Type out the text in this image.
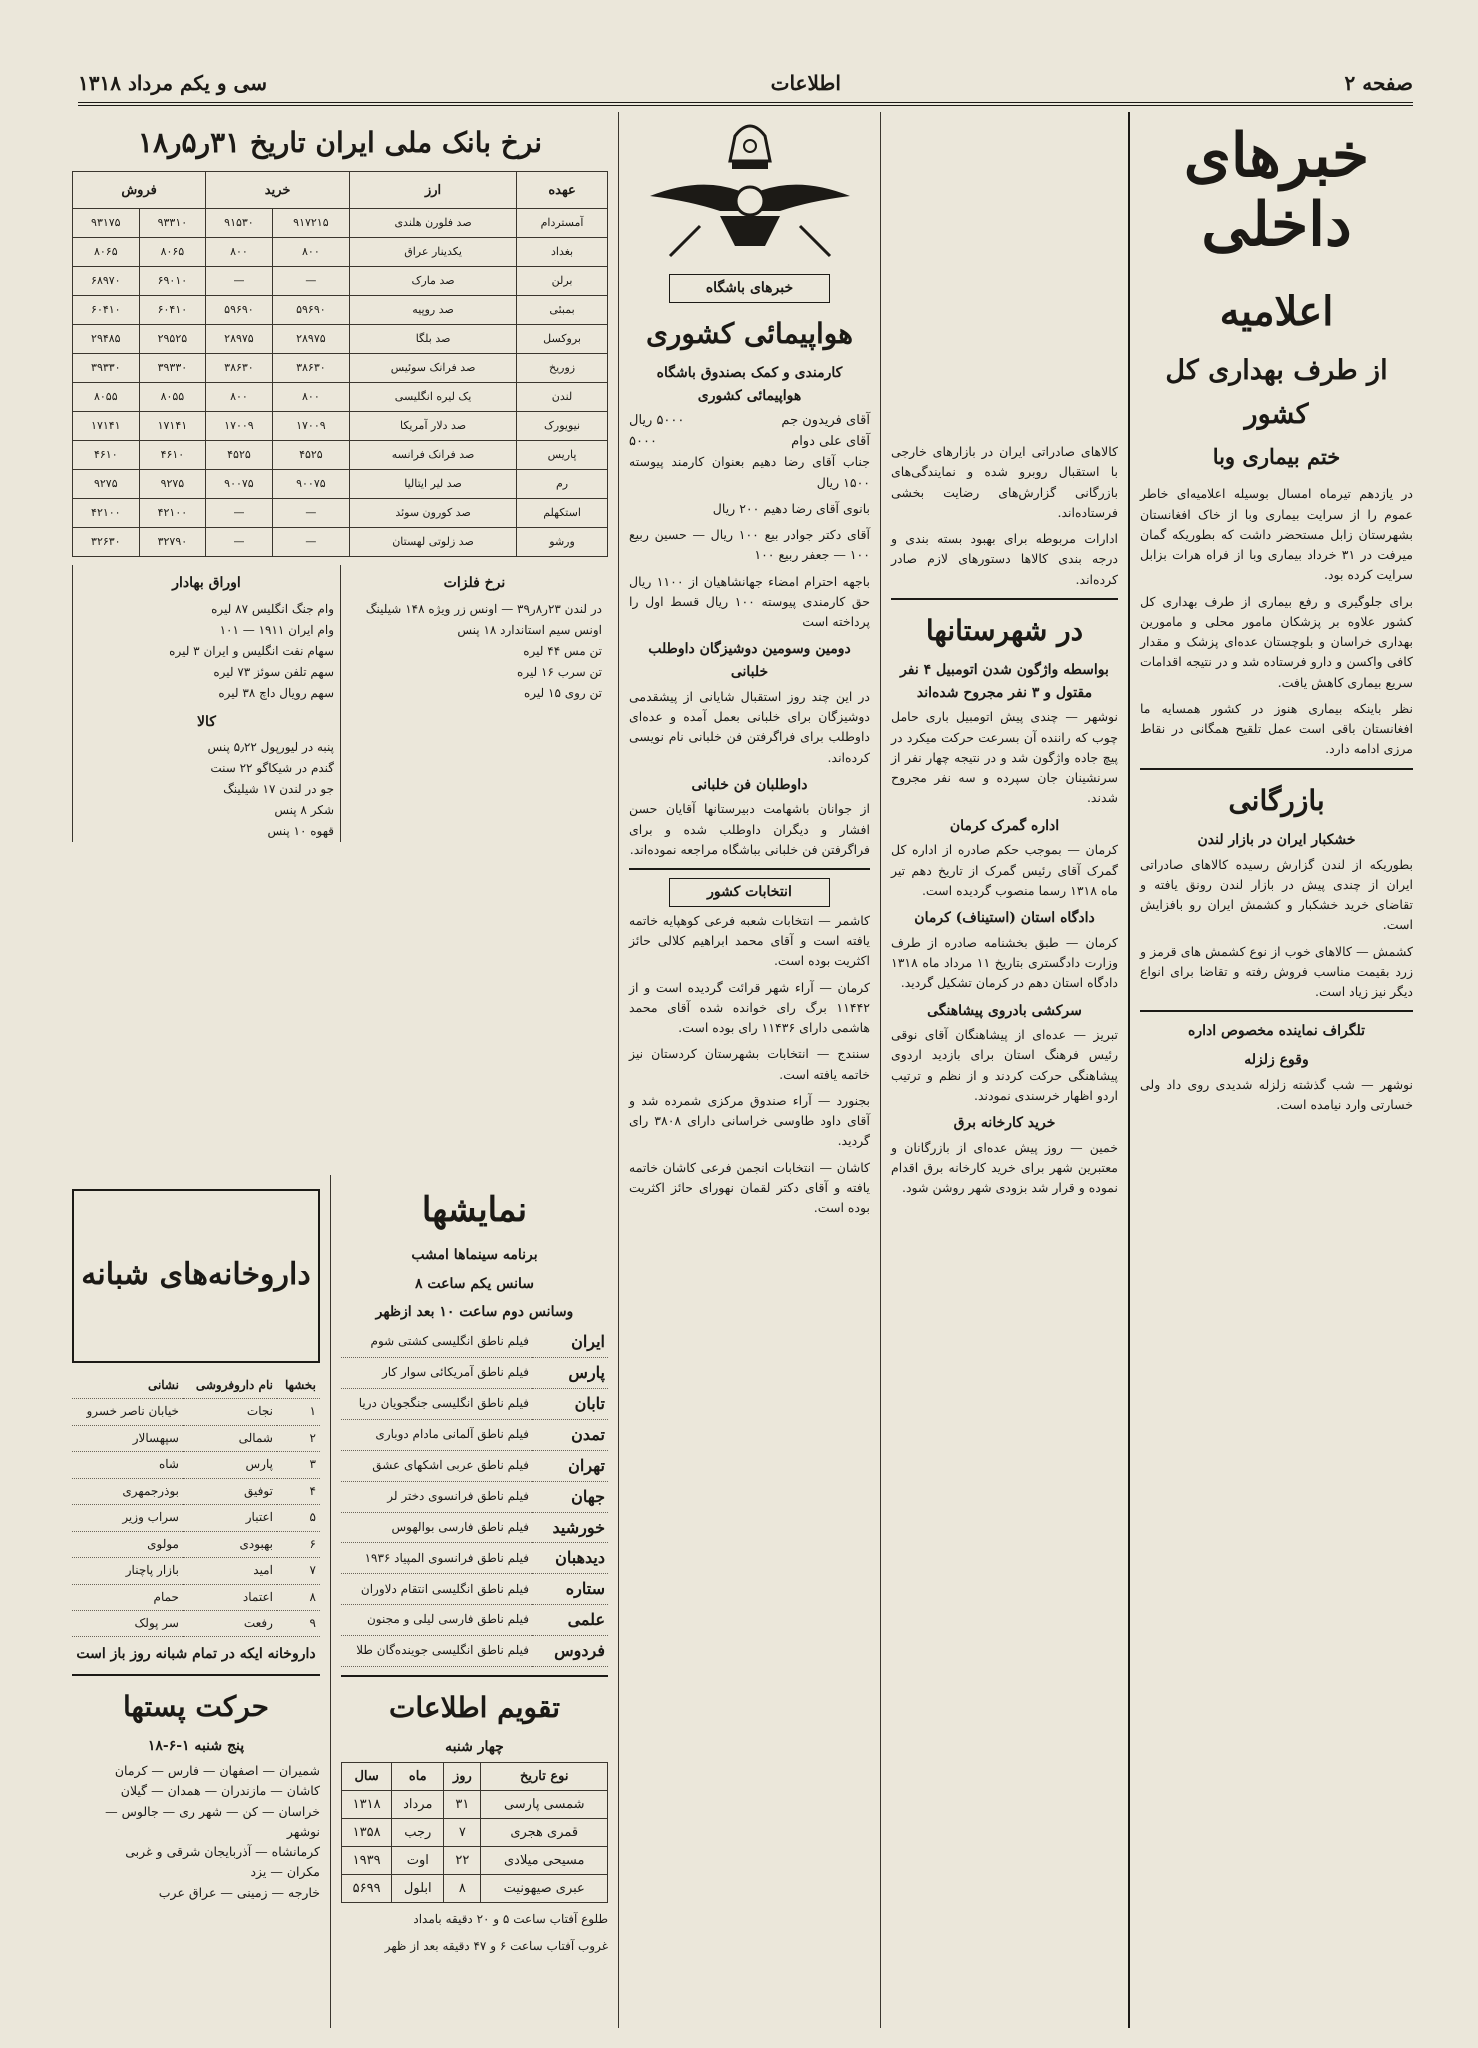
صفحه ۲
اطلاعات
سی و یکم مرداد ۱۳۱۸
خبرهای داخلی
اعلامیه
از طرف بهداری کل کشور
ختم بیماری وبا

در یازدهم تیرماه امسال بوسیله اعلامیه‌ای خاطر عموم را از سرایت بیماری وبا از خاک افغانستان بشهرستان زابل مستحضر داشت که بطوریکه گمان میرفت در ۳۱ خرداد بیماری وبا از فراه هرات بزابل سرایت کرده بود.

برای جلوگیری و رفع بیماری از طرف بهداری کل کشور علاوه بر پزشکان مامور محلی و مامورین بهداری خراسان و بلوچستان عده‌ای پزشک و مقدار کافی واکسن و دارو فرستاده شد و در نتیجه اقدامات سریع بیماری کاهش یافت.

نظر باینکه بیماری هنوز در کشور همسایه ما افغانستان باقی است عمل تلقیح همگانی در نقاط مرزی ادامه دارد.

بازرگانی
خشکبار ایران در بازار لندن

بطوریکه از لندن گزارش رسیده کالاهای صادراتی ایران از چندی پیش در بازار لندن رونق یافته و تقاضای خرید خشکبار و کشمش ایران رو بافزایش است.

کشمش — کالاهای خوب از نوع کشمش های قرمز و زرد بقیمت مناسب فروش رفته و تقاضا برای انواع دیگر نیز زیاد است.

تلگراف نماینده مخصوص اداره
وقوع زلزله

نوشهر — شب گذشته زلزله شدیدی روی داد ولی خسارتی وارد نیامده است.

کالاهای صادراتی ایران در بازارهای خارجی با استقبال روبرو شده و نمایندگی‌های بازرگانی گزارش‌های رضایت بخشی فرستاده‌اند.

ادارات مربوطه برای بهبود بسته بندی و درجه بندی کالاها دستورهای لازم صادر کرده‌اند.

در شهرستانها
بواسطه واژگون شدن اتومبیل ۴ نفر مقتول و ۳ نفر مجروح شده‌اند

نوشهر — چندی پیش اتومبیل باری حامل چوب که راننده آن بسرعت حرکت میکرد در پیچ جاده واژگون شد و در نتیجه چهار نفر از سرنشینان جان سپرده و سه نفر مجروح شدند.

اداره گمرک کرمان

کرمان — بموجب حکم صادره از اداره کل گمرک آقای رئیس گمرک از تاریخ دهم تیر ماه ۱۳۱۸ رسما منصوب گردیده است.

دادگاه استان (استیناف) کرمان

کرمان — طبق بخشنامه صادره از طرف وزارت دادگستری بتاریخ ۱۱ مرداد ماه ۱۳۱۸ دادگاه استان دهم در کرمان تشکیل گردید.

سرکشی بادروی پیشاهنگی

تبریز — عده‌ای از پیشاهنگان آقای نوقی رئیس فرهنگ استان برای بازدید اردوی پیشاهنگی حرکت کردند و از نظم و ترتیب اردو اظهار خرسندی نمودند.

خرید کارخانه برق

خمین — روز پیش عده‌ای از بازرگانان و معتبرین شهر برای خرید کارخانه برق اقدام نموده و قرار شد بزودی شهر روشن شود.

خبرهای باشگاه
هواپیمائی کشوری
کارمندی و کمک بصندوق باشگاه هواپیمائی کشوری
آقای فریدون جم
۵۰۰۰ ریال
آقای علی دوام
۵۰۰۰

جناب آقای رضا دهیم بعنوان کارمند پیوسته ۱۵۰۰ ریال

بانوی آقای رضا دهیم ۲۰۰ ریال

آقای دکتر جوادر بیع ۱۰۰ ریال — حسین ربیع ۱۰۰ — جعفر ربیع ۱۰۰

باجهه احترام امضاء جهانشاهیان از ۱۱۰۰ ریال حق کارمندی پیوسته ۱۰۰ ریال قسط اول را پرداخته است

دومین وسومین دوشیزگان داوطلب خلبانی

در این چند روز استقبال شایانی از پیشقدمی دوشیزگان برای خلبانی بعمل آمده و عده‌ای داوطلب برای فراگرفتن فن خلبانی نام نویسی کرده‌اند.

داوطلبان فن خلبانی

از جوانان باشهامت دبیرستانها آقایان حسن افشار و دیگران داوطلب شده و برای فراگرفتن فن خلبانی بباشگاه مراجعه نموده‌اند.

انتخابات کشور

کاشمر — انتخابات شعبه فرعی کوهپایه خاتمه یافته است و آقای محمد ابراهیم کلالی حائز اکثریت بوده است.

کرمان — آراء شهر قرائت گردیده است و از ۱۱۴۴۲ برگ رای خوانده شده آقای محمد هاشمی دارای ۱۱۴۳۶ رای بوده است.

سنندج — انتخابات بشهرستان کردستان نیز خاتمه یافته است.

بجنورد — آراء صندوق مرکزی شمرده شد و آقای داود طاوسی خراسانی دارای ۳۸۰۸ رای گردید.

کاشان — انتخابات انجمن فرعی کاشان خاتمه یافته و آقای دکتر لقمان نهورای حائز اکثریت بوده است.

نمایشها
برنامه سینماها امشب
سانس یکم ساعت ۸
وسانس دوم ساعت ۱۰ بعد ازظهر
ایران	فیلم ناطق انگلیسی کشتی شوم
پارس	فیلم ناطق آمریکائی سوار کار
تابان	فیلم ناطق انگلیسی جنگجویان دریا
تمدن	فیلم ناطق آلمانی مادام دوباری
تهران	فیلم ناطق عربی اشکهای عشق
جهان	فیلم ناطق فرانسوی دختر لر
خورشید	فیلم ناطق فارسی بوالهوس
دیدهبان	فیلم ناطق فرانسوی المپیاد ۱۹۳۶
ستاره	فیلم ناطق انگلیسی انتقام دلاوران
علمی	فیلم ناطق فارسی لیلی و مجنون
فردوس	فیلم ناطق انگلیسی جوینده‌گان طلا
تقویم اطلاعات
چهار شنبه
نوع تاریخ	روز	ماه	سال
شمسی پارسی	۳۱	مرداد	۱۳۱۸
قمری هجری	۷	رجب	۱۳۵۸
مسیحی میلادی	۲۲	اوت	۱۹۳۹
عبری صیهونیت	۸	ابلول	۵۶۹۹

طلوع آفتاب ساعت ۵ و ۲۰ دقیقه بامداد

غروب آفتاب ساعت ۶ و ۴۷ دقیقه بعد از ظهر

نرخ بانک ملی ایران تاریخ ۳۱ر۵ر۱۸
عهده	ارز	خرید		فروش	
آمستردام	صد فلورن هلندی	۹۱۷۲۱۵	۹۱۵۳۰	۹۳۳۱۰	۹۳۱۷۵
بغداد	یکدینار عراق	۸۰۰	۸۰۰	۸۰۶۵	۸۰۶۵
برلن	صد مارک	—	—	۶۹۰۱۰	۶۸۹۷۰
بمبئی	صد روپیه	۵۹۶۹۰	۵۹۶۹۰	۶۰۴۱۰	۶۰۴۱۰
بروکسل	صد بلگا	۲۸۹۷۵	۲۸۹۷۵	۲۹۵۲۵	۲۹۴۸۵
زوریخ	صد فرانک سوئیس	۳۸۶۳۰	۳۸۶۳۰	۳۹۳۳۰	۳۹۳۳۰
لندن	یک لیره انگلیسی	۸۰۰	۸۰۰	۸۰۵۵	۸۰۵۵
نیویورک	صد دلار آمریکا	۱۷۰۰۹	۱۷۰۰۹	۱۷۱۴۱	۱۷۱۴۱
پاریس	صد فرانک فرانسه	۴۵۲۵	۴۵۲۵	۴۶۱۰	۴۶۱۰
رم	صد لیر ایتالیا	۹۰۰۷۵	۹۰۰۷۵	۹۲۷۵	۹۲۷۵
استکهلم	صد کورون سوئد	—	—	۴۲۱۰۰	۴۲۱۰۰
ورشو	صد زلوتی لهستان	—	—	۳۲۷۹۰	۳۲۶۳۰
نرخ فلزات
در لندن ۲۳ر۸ر۳۹ — اونس زر ویژه ۱۴۸ شیلینگ
اونس سیم استاندارد ۱۸ پنس
تن مس ۴۴ لیره
تن سرب ۱۶ لیره
تن روی ۱۵ لیره
اوراق بهادار
وام جنگ انگلیس ۸۷ لیره
وام ایران ۱۹۱۱ — ۱۰۱
سهام نفت انگلیس و ایران ۳ لیره
سهم تلفن سوئز ۷۳ لیره
سهم رویال داچ ۳۸ لیره
کالا
پنبه در لیورپول ۵٫۲۲ پنس
گندم در شیکاگو ۲۲ سنت
جو در لندن ۱۷ شیلینگ
شکر ۸ پنس
قهوه ۱۰ پنس
داروخانه‌های شبانه
بخشها	نام داروفروشی	نشانی
۱	نجات	خیابان ناصر خسرو
۲	شمالی	سپهسالار
۳	پارس	شاه
۴	توفیق	بوذرجمهری
۵	اعتبار	سراب وزیر
۶	بهبودی	مولوی
۷	امید	بازار پاچنار
۸	اعتماد	حمام
۹	رفعت	سر پولک
داروخانه ایکه در تمام شبانه روز باز است
حرکت پستها
پنج شنبه ۱-۶-۱۸
شمیران — اصفهان — فارس — کرمان
کاشان — مازندران — همدان — گیلان
خراسان — کن — شهر ری — جالوس — نوشهر
کرمانشاه — آذربایجان شرقی و غربی
مکران — یزد
خارجه — زمینی — عراق عرب
